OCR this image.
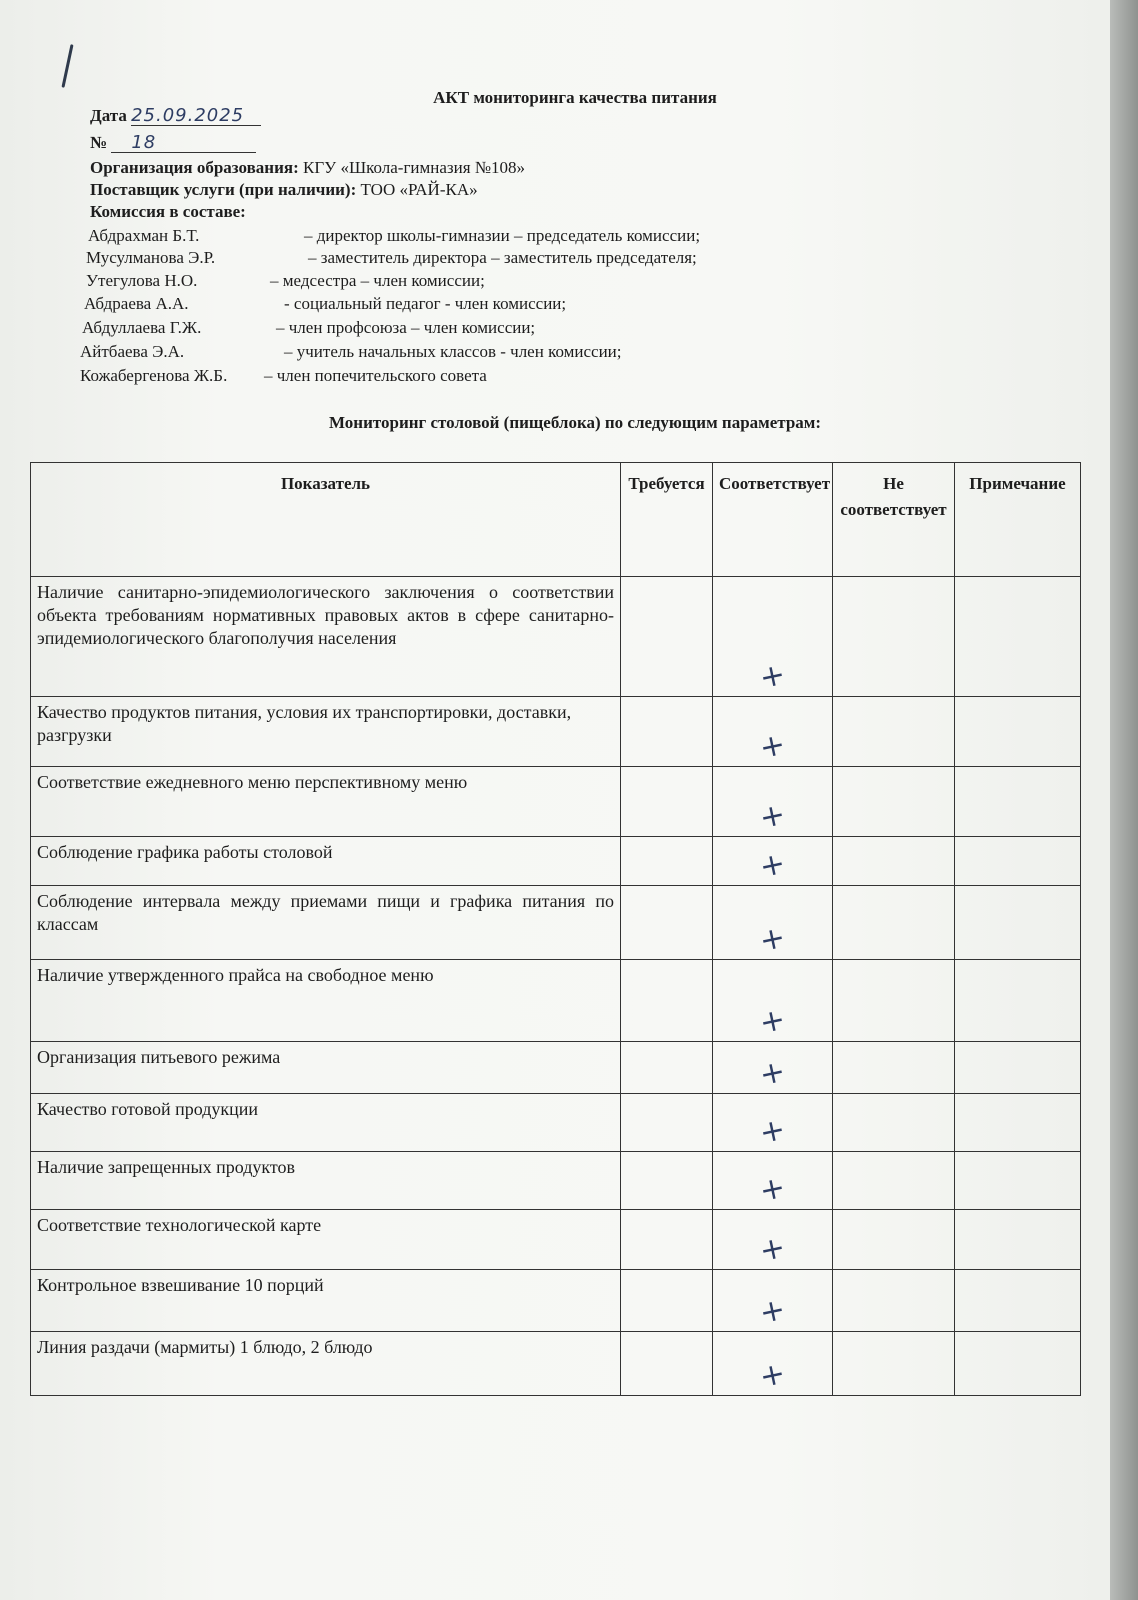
АКТ мониторинга качества питания
Дата 25.09.2025
№ 18
Организация образования: КГУ «Школа-гимназия №108»
Поставщик услуги (при наличии): ТОО «РАЙ-КА»
Комиссия в составе:
Абдрахман Б.Т.	– директор школы-гимназии – председатель комиссии;
Мусулманова Э.Р.	– заместитель директора – заместитель председателя;
Утегулова Н.О.	– медсестра – член комиссии;
Абдраева А.А.	- социальный педагог - член комиссии;
Абдуллаева Г.Ж.	– член профсоюза – член комиссии;
Айтбаева Э.А.	– учитель начальных классов - член комиссии;
Кожабергенова Ж.Б. – член попечительского совета
Мониторинг столовой (пищеблока) по следующим параметрам:
Показатель	Требуется	Соответствует	Не соответствует	Примечание
Наличие санитарно-эпидемиологического заключения о соответствии объекта требованиям нормативных правовых актов в сфере санитарно-эпидемиологического благополучия населения		+		
Качество продуктов питания, условия их транспортировки, доставки, разгрузки		+		
Соответствие ежедневного меню перспективному меню		+		
Соблюдение графика работы столовой		+		
Соблюдение интервала между приемами пищи и графика питания по классам		+		
Наличие утвержденного прайса на свободное меню		+		
Организация питьевого режима		+		
Качество готовой продукции		+		
Наличие запрещенных продуктов		+		
Соответствие технологической карте		+		
Контрольное взвешивание 10 порций		+		
Линия раздачи (мармиты) 1 блюдо, 2 блюдо		+		
